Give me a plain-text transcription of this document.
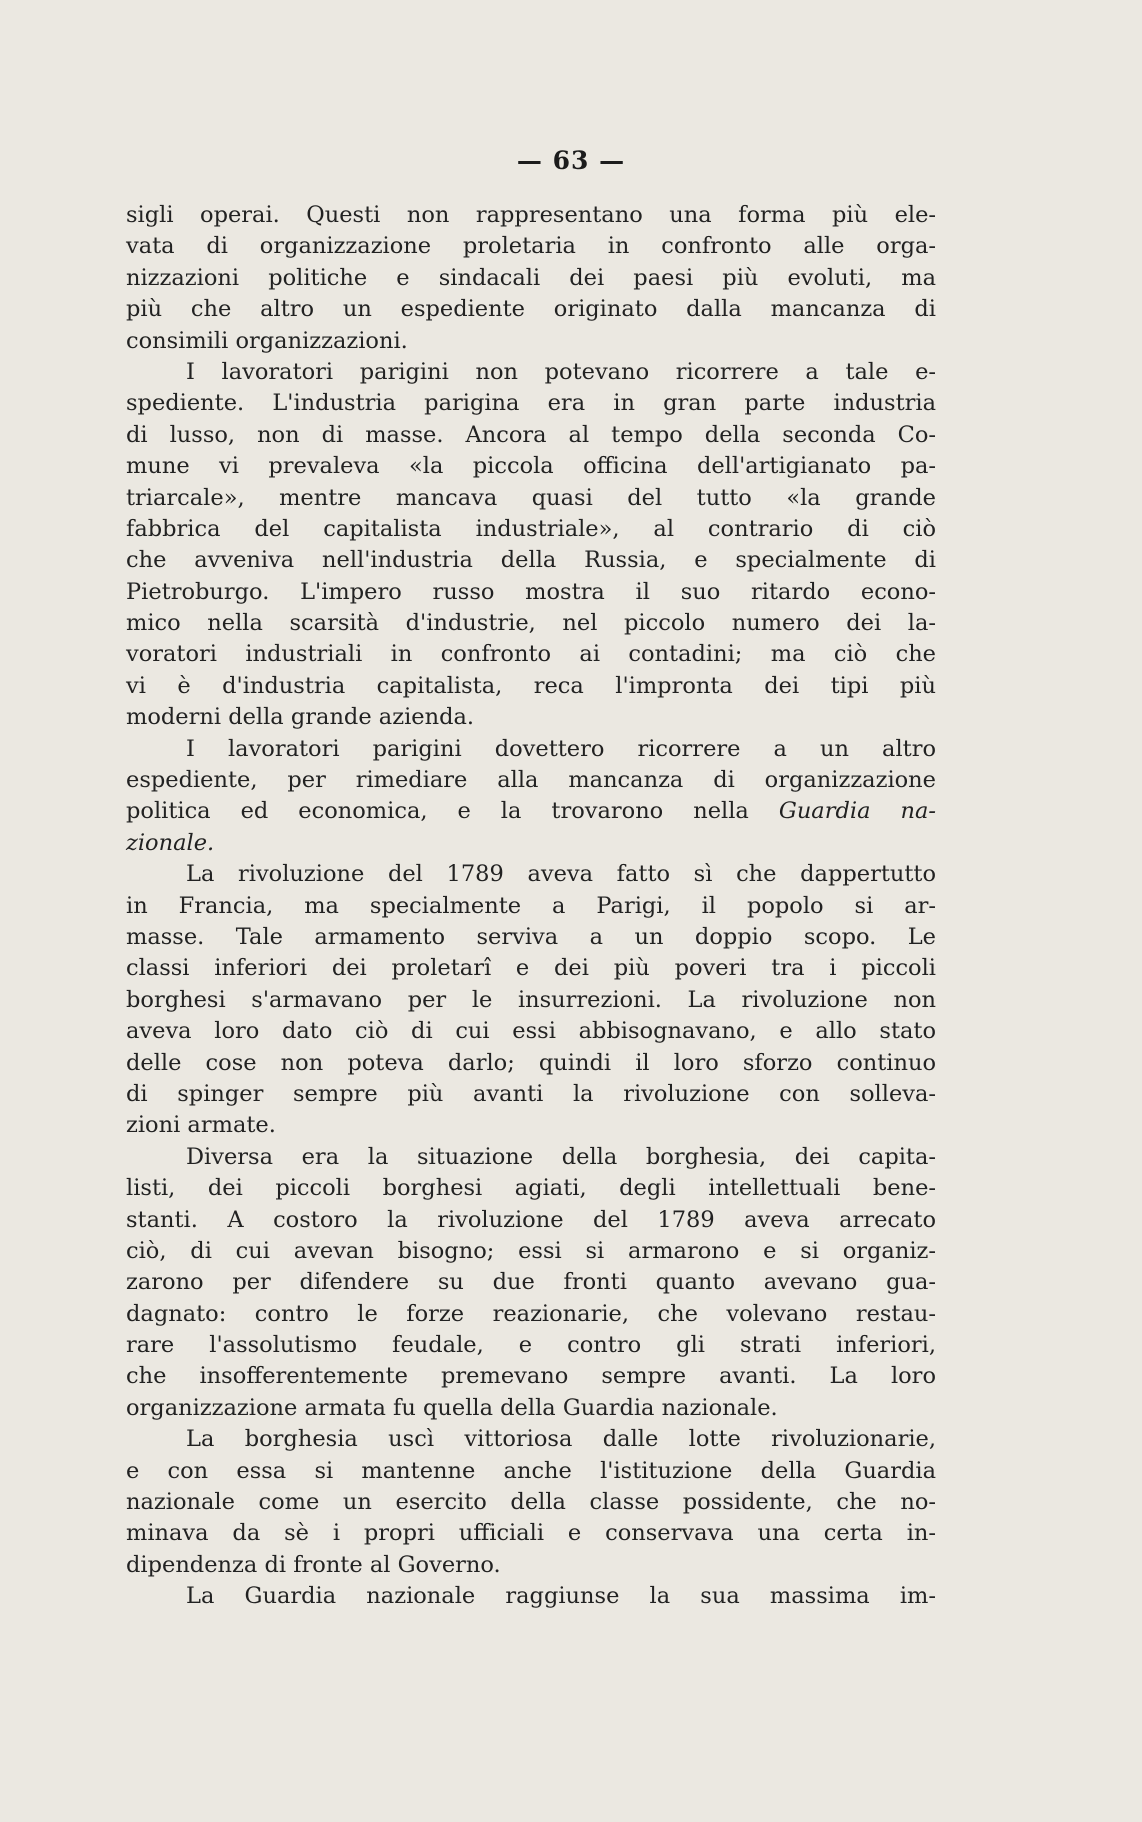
— 63 —
sigli operai. Questi non rappresentano una forma più ele-
vata di organizzazione proletaria in confronto alle orga-
nizzazioni politiche e sindacali dei paesi più evoluti, ma
più che altro un espediente originato dalla mancanza di
consimili organizzazioni.
I lavoratori parigini non potevano ricorrere a tale e-
spediente. L'industria parigina era in gran parte industria
di lusso, non di masse. Ancora al tempo della seconda Co-
mune vi prevaleva «la piccola officina dell'artigianato pa-
triarcale», mentre mancava quasi del tutto «la grande
fabbrica del capitalista industriale», al contrario di ciò
che avveniva nell'industria della Russia, e specialmente di
Pietroburgo. L'impero russo mostra il suo ritardo econo-
mico nella scarsità d'industrie, nel piccolo numero dei la-
voratori industriali in confronto ai contadini; ma ciò che
vi è d'industria capitalista, reca l'impronta dei tipi più
moderni della grande azienda.
I lavoratori parigini dovettero ricorrere a un altro
espediente, per rimediare alla mancanza di organizzazione
politica ed economica, e la trovarono nella Guardia na-
zionale.
La rivoluzione del 1789 aveva fatto sì che dappertutto
in Francia, ma specialmente a Parigi, il popolo si ar-
masse. Tale armamento serviva a un doppio scopo. Le
classi inferiori dei proletarî e dei più poveri tra i piccoli
borghesi s'armavano per le insurrezioni. La rivoluzione non
aveva loro dato ciò di cui essi abbisognavano, e allo stato
delle cose non poteva darlo; quindi il loro sforzo continuo
di spinger sempre più avanti la rivoluzione con solleva-
zioni armate.
Diversa era la situazione della borghesia, dei capita-
listi, dei piccoli borghesi agiati, degli intellettuali bene-
stanti. A costoro la rivoluzione del 1789 aveva arrecato
ciò, di cui avevan bisogno; essi si armarono e si organiz-
zarono per difendere su due fronti quanto avevano gua-
dagnato: contro le forze reazionarie, che volevano restau-
rare l'assolutismo feudale, e contro gli strati inferiori,
che insofferentemente premevano sempre avanti. La loro
organizzazione armata fu quella della Guardia nazionale.
La borghesia uscì vittoriosa dalle lotte rivoluzionarie,
e con essa si mantenne anche l'istituzione della Guardia
nazionale come un esercito della classe possidente, che no-
minava da sè i propri ufficiali e conservava una certa in-
dipendenza di fronte al Governo.
La Guardia nazionale raggiunse la sua massima im-
